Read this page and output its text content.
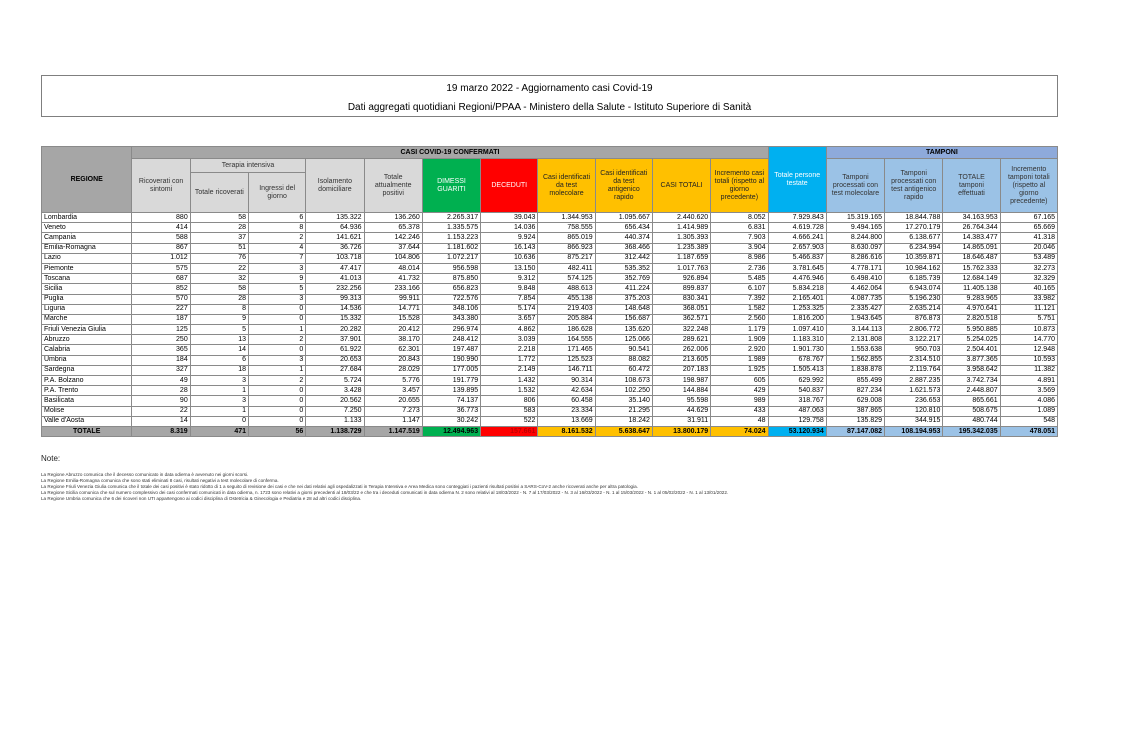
19 marzo 2022 - Aggiornamento casi Covid-19
Dati aggregati quotidiani Regioni/PPAA - Ministero della Salute - Istituto Superiore di Sanità
REGIONE	CASI COVID-19 CONFERMATI											Totale persone testate	TAMPONI			
	Ricoverati con sintomi	Terapia intensiva		Isolamento domiciliare	Totale attualmente positivi	DIMESSI GUARITI	DECEDUTI	Casi identificati da test molecolare	Casi identificati da test antigenico rapido	CASI TOTALI	Incremento casi totali (rispetto al giorno precedente)		Tamponi processati con test molecolare	Tamponi processati con test antigenico rapido	TOTALE tamponi effettuati	Incremento tamponi totali (rispetto al giorno precedente)
		Totale ricoverati	Ingressi del giorno													
Lombardia	880	58	6	135.322	136.260	2.265.317	39.043	1.344.953	1.095.667	2.440.620	8.052	7.929.843	15.319.165	18.844.788	34.163.953	67.165
Veneto	414	28	8	64.936	65.378	1.335.575	14.036	758.555	656.434	1.414.989	6.831	4.619.728	9.494.165	17.270.179	26.764.344	65.669
Campania	588	37	2	141.621	142.246	1.153.223	9.924	865.019	440.374	1.305.393	7.903	4.666.241	8.244.800	6.138.677	14.383.477	41.318
Emilia-Romagna	867	51	4	36.726	37.644	1.181.602	16.143	866.923	368.466	1.235.389	3.904	2.657.903	8.630.097	6.234.994	14.865.091	20.046
Lazio	1.012	76	7	103.718	104.806	1.072.217	10.636	875.217	312.442	1.187.659	8.986	5.466.837	8.286.616	10.359.871	18.646.487	53.489
Piemonte	575	22	3	47.417	48.014	956.598	13.150	482.411	535.352	1.017.763	2.736	3.781.645	4.778.171	10.984.162	15.762.333	32.273
Toscana	687	32	9	41.013	41.732	875.850	9.312	574.125	352.769	926.894	5.485	4.476.946	6.498.410	6.185.739	12.684.149	32.329
Sicilia	852	58	5	232.256	233.166	656.823	9.848	488.613	411.224	899.837	6.107	5.834.218	4.462.064	6.943.074	11.405.138	40.165
Puglia	570	28	3	99.313	99.911	722.576	7.854	455.138	375.203	830.341	7.392	2.165.401	4.087.735	5.196.230	9.283.965	33.982
Liguria	227	8	0	14.536	14.771	348.106	5.174	219.403	148.648	368.051	1.582	1.253.325	2.335.427	2.635.214	4.970.641	11.121
Marche	187	9	0	15.332	15.528	343.380	3.657	205.884	156.687	362.571	2.560	1.816.200	1.943.645	876.873	2.820.518	5.751
Friuli Venezia Giulia	125	5	1	20.282	20.412	296.974	4.862	186.628	135.620	322.248	1.179	1.097.410	3.144.113	2.806.772	5.950.885	10.873
Abruzzo	250	13	2	37.901	38.170	248.412	3.039	164.555	125.066	289.621	1.909	1.183.310	2.131.808	3.122.217	5.254.025	14.770
Calabria	365	14	0	61.922	62.301	197.487	2.218	171.465	90.541	262.006	2.920	1.901.730	1.553.638	950.703	2.504.401	12.948
Umbria	184	6	3	20.653	20.843	190.990	1.772	125.523	88.082	213.605	1.989	678.767	1.562.855	2.314.510	3.877.365	10.593
Sardegna	327	18	1	27.684	28.029	177.005	2.149	146.711	60.472	207.183	1.925	1.505.413	1.838.878	2.119.764	3.958.642	11.382
P.A. Bolzano	49	3	2	5.724	5.776	191.779	1.432	90.314	108.673	198.987	605	629.992	855.499	2.887.235	3.742.734	4.891
P.A. Trento	28	1	0	3.428	3.457	139.895	1.532	42.634	102.250	144.884	429	540.837	827.234	1.621.573	2.448.807	3.569
Basilicata	90	3	0	20.562	20.655	74.137	806	60.458	35.140	95.598	989	318.767	629.008	236.653	865.661	4.086
Molise	22	1	0	7.250	7.273	36.773	583	23.334	21.295	44.629	433	487.063	387.865	120.810	508.675	1.089
Valle d'Aosta	14	0	0	1.133	1.147	30.242	522	13.669	18.242	31.911	48	129.758	135.829	344.915	480.744	548
TOTALE	8.319	471	56	1.138.729	1.147.519	12.494.963	157.661	8.161.532	5.638.647	13.800.179	74.024	53.120.934	87.147.082	108.194.953	195.342.035	478.051
Note:
La Regione Abruzzo comunica che il decesso comunicato in data odierna è avvenuto nei giorni scorsi.
La Regione Emilia-Romagna comunica che sono stati eliminati 8 casi, risultati negativi a test molecolare di conferma.
La Regione Friuli Venezia Giulia comunica che il totale dei casi positivi è stato ridotto di 1 a seguito di revisione dei casi e che nei dati relativi agli ospedalizzati in Terapia Intensiva e Area Medica sono conteggiati i pazienti risultati positivi a SARS-CoV-2 anche ricoverati anche per altra patologia.
La Regione Sicilia comunica che sul numero complessivo dei casi confermati comunicati in data odierna, n. 1723 sono relativi a giorni precedenti al 18/03/22 e che tra i deceduti comunicati in data odierna N. 2 sono relativi al 18/03/2022 - N. 7 al 17/03/2022 - N. 3 al 16/03/2022 - N. 1 al 15/03/2022 - N. 1 al 05/02/2022 - N. 1 al 13/01/2022.
La Regione Umbria comunica che 6 dei ricoveri non UTI appartengono ai codici disciplina di Ostetricia & Ginecologia e Pediatria e 28 ad altri codici disciplina.
